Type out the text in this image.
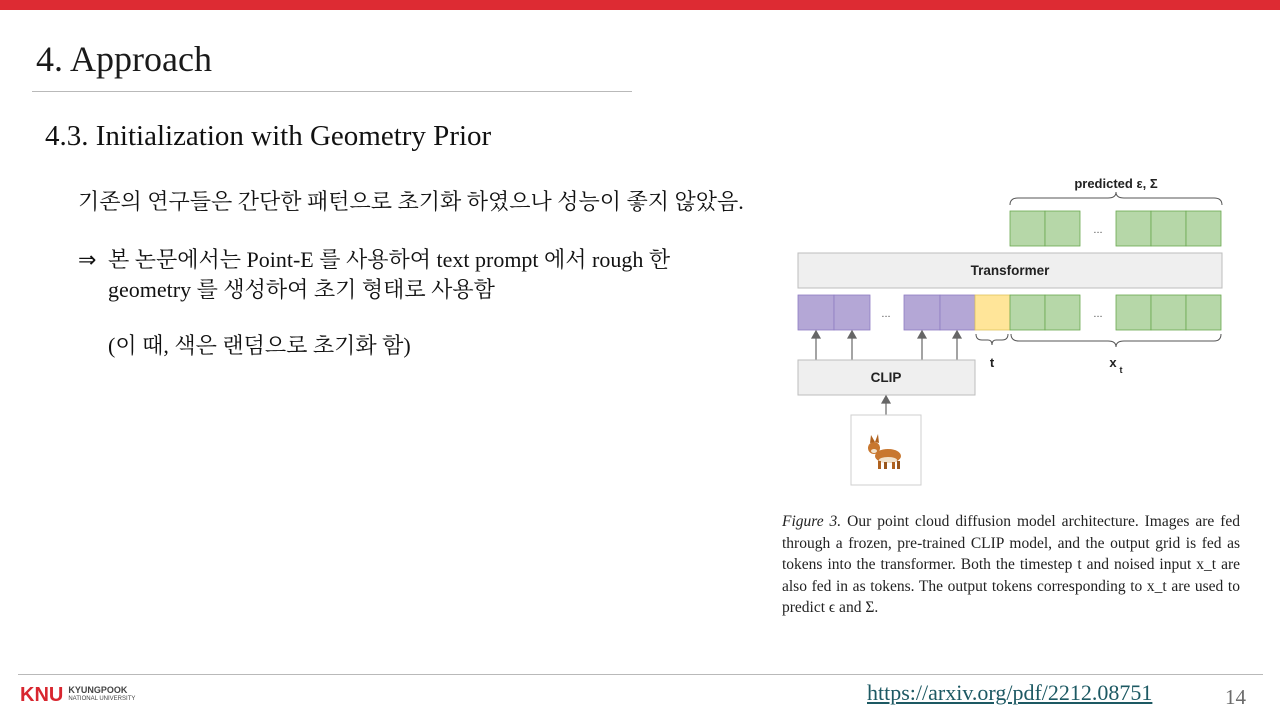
4. Approach
4.3. Initialization with Geometry Prior
기존의 연구들은 간단한 패턴으로 초기화 하였으나 성능이 좋지 않았음.
⇒ 본 논문에서는 Point-E 를 사용하여 text prompt 에서 rough 한
geometry 를 생성하여 초기 형태로 사용함
(이 때, 색은 랜덤으로 초기화 함)
predicted ε, Σ
...
Transformer
...	...
t	x t
CLIP
Figure 3. Our point cloud diffusion model architecture. Images are fed through a frozen, pre-trained CLIP model, and the output grid is fed as tokens into the transformer. Both the timestep t and noised input x_t are also fed in as tokens. The output tokens corresponding to x_t are used to predict ϵ and Σ.
KNU KYUNGPOOK
NATIONAL UNIVERSITY	https://arxiv.org/pdf/2212.08751	14
